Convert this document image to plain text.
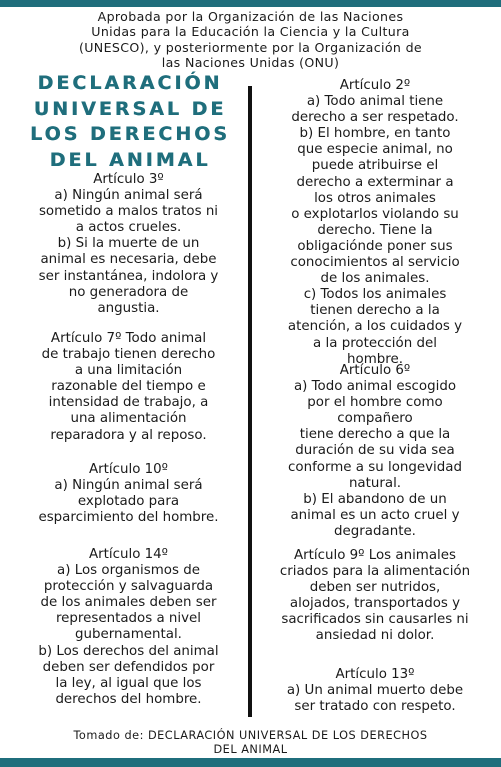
Aprobada por la Organización de las Naciones
Unidas para la Educación la Ciencia y la Cultura
(UNESCO), y posteriormente por la Organización de
las Naciones Unidas (ONU)
DECLARACIÓN
UNIVERSAL DE
LOS DERECHOS
DEL ANIMAL
Artículo 3º
a) Ningún animal será
sometido a malos tratos ni
a actos crueles.
b) Si la muerte de un
animal es necesaria, debe
ser instantánea, indolora y
no generadora de
angustia.
Artículo 7º Todo animal
de trabajo tienen derecho
a una limitación
razonable del tiempo e
intensidad de trabajo, a
una alimentación
reparadora y al reposo.
Artículo 10º
a) Ningún animal será
explotado para
esparcimiento del hombre.
Artículo 14º
a) Los organismos de
protección y salvaguarda
de los animales deben ser
representados a nivel
gubernamental.
b) Los derechos del animal
deben ser defendidos por
la ley, al igual que los
derechos del hombre.
Artículo 2º
a) Todo animal tiene
derecho a ser respetado.
b) El hombre, en tanto
que especie animal, no
puede atribuirse el
derecho a exterminar a
los otros animales
o explotarlos violando su
derecho. Tiene la
obligaciónde poner sus
conocimientos al servicio
de los animales.
c) Todos los animales
tienen derecho a la
atención, a los cuidados y
a la protección del
hombre.
Artículo 6º
a) Todo animal escogido
por el hombre como
compañero
tiene derecho a que la
duración de su vida sea
conforme a su longevidad
natural.
b) El abandono de un
animal es un acto cruel y
degradante.
Artículo 9º Los animales
criados para la alimentación
deben ser nutridos,
alojados, transportados y
sacrificados sin causarles ni
ansiedad ni dolor.
Artículo 13º
a) Un animal muerto debe
ser tratado con respeto.
Tomado de: DECLARACIÓN UNIVERSAL DE LOS DERECHOS
DEL ANIMAL
